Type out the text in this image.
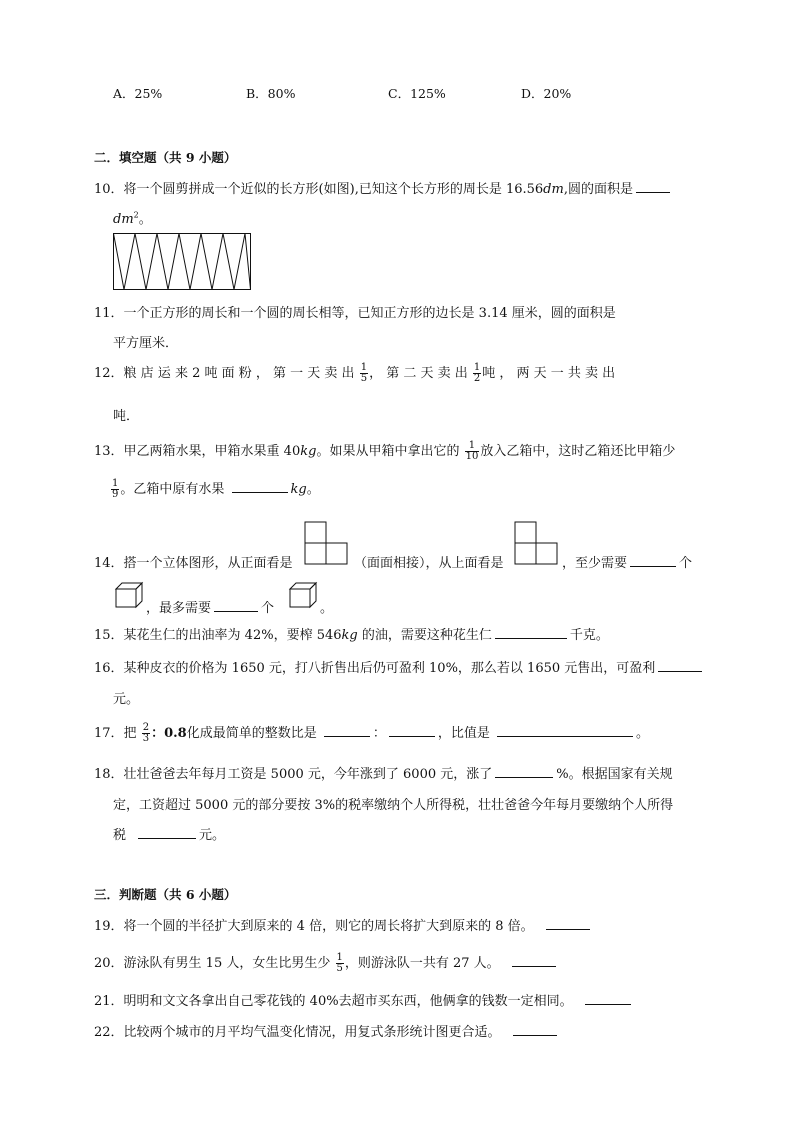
A．25%	B．80%	C．125%	D．20%
二．填空题（共 9 小题）
10．将一个圆剪拼成一个近似的长方形(如图),已知这个长方形的周长是 16.56dm,圆的面积是
$dm^2$。
11．一个正方形的周长和一个圆的周长相等，已知正方形的边长是 3.14 厘米，圆的面积是
平方厘米．
12．粮 店 运 来 2 吨 面 粉 ， 第 一 天 卖 出 $\frac{1}{5}$ ， 第 二 天 卖 出 $\frac{1}{2}$ 吨 ， 两 天 一 共 卖 出
吨．
13．甲乙两箱水果，甲箱水果重 40kg。如果从甲箱中拿出它的 $\frac{1}{10}$ 放入乙箱中，这时乙箱还比甲箱少
$\frac{1}{9}$ 。乙箱中原有水果	kg。
14．搭一个立体图形，从正面看是	（面面相接），从上面看是	，至少需要	个
，最多需要	个	。
15．某花生仁的出油率为 42%，要榨 546kg 的油，需要这种花生仁	千克。
16．某种皮衣的价格为 1650 元，打八折售出后仍可盈利 10%，那么若以 1650 元售出，可盈利
元。
17．把 $\frac{2}{3}$ ：0.8化成最简单的整数比是	：	，比值是	。
18．壮壮爸爸去年每月工资是 5000 元，今年涨到了 6000 元，涨了	%。根据国家有关规
定，工资超过 5000 元的部分要按 3%的税率缴纳个人所得税，壮壮爸爸今年每月要缴纳个人所得
税	元。
三．判断题（共 6 小题）
19．将一个圆的半径扩大到原来的 4 倍，则它的周长将扩大到原来的 8 倍。
20．游泳队有男生 15 人，女生比男生少 $\frac{1}{5}$ ，则游泳队一共有 27 人。
21．明明和文文各拿出自己零花钱的 40%去超市买东西，他俩拿的钱数一定相同。
22．比较两个城市的月平均气温变化情况，用复式条形统计图更合适。
